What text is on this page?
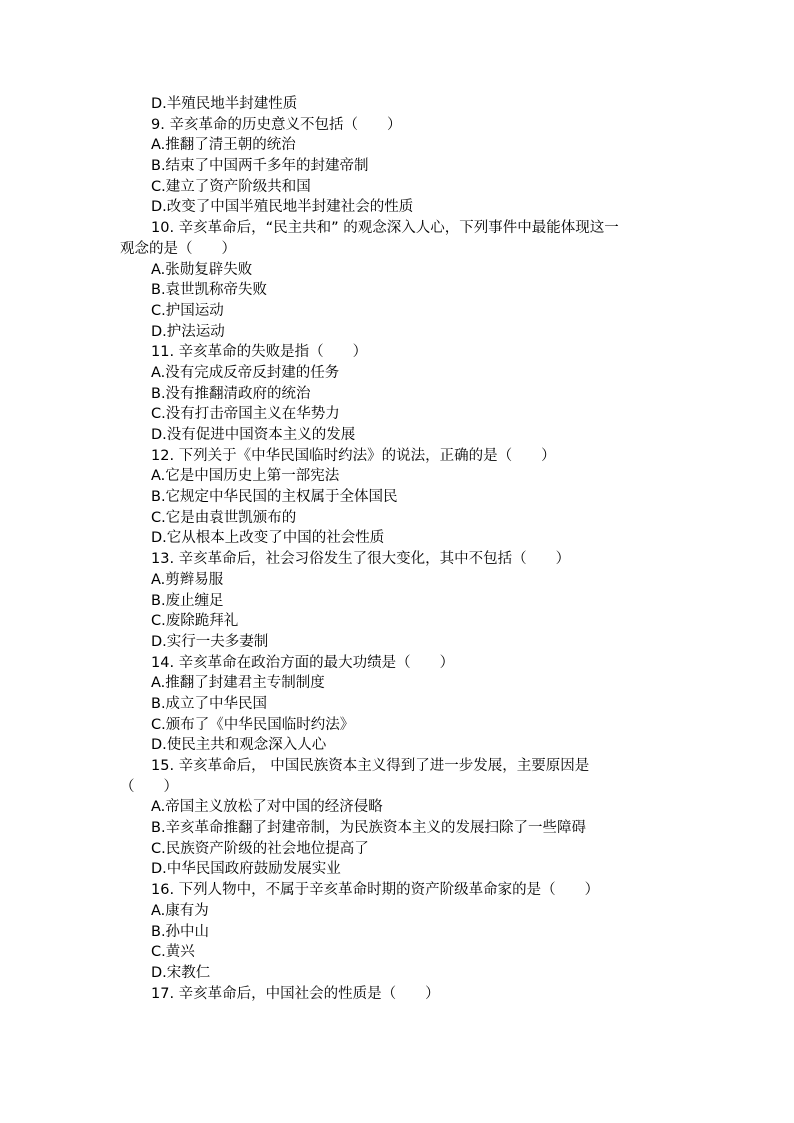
D.半殖民地半封建性质
9. 辛亥革命的历史意义不包括（　　）
A.推翻了清王朝的统治
B.结束了中国两千多年的封建帝制
C.建立了资产阶级共和国
D.改变了中国半殖民地半封建社会的性质
10. 辛亥革命后，“民主共和” 的观念深入人心，下列事件中最能体现这一
观念的是（　　）
A.张勋复辟失败
B.袁世凯称帝失败
C.护国运动
D.护法运动
11. 辛亥革命的失败是指（　　）
A.没有完成反帝反封建的任务
B.没有推翻清政府的统治
C.没有打击帝国主义在华势力
D.没有促进中国资本主义的发展
12. 下列关于《中华民国临时约法》的说法，正确的是（　　）
A.它是中国历史上第一部宪法
B.它规定中华民国的主权属于全体国民
C.它是由袁世凯颁布的
D.它从根本上改变了中国的社会性质
13. 辛亥革命后，社会习俗发生了很大变化，其中不包括（　　）
A.剪辫易服
B.废止缠足
C.废除跪拜礼
D.实行一夫多妻制
14. 辛亥革命在政治方面的最大功绩是（　　）
A.推翻了封建君主专制制度
B.成立了中华民国
C.颁布了《中华民国临时约法》
D.使民主共和观念深入人心
15. 辛亥革命后， 中国民族资本主义得到了进一步发展，主要原因是
（　　）
A.帝国主义放松了对中国的经济侵略
B.辛亥革命推翻了封建帝制，为民族资本主义的发展扫除了一些障碍
C.民族资产阶级的社会地位提高了
D.中华民国政府鼓励发展实业
16. 下列人物中，不属于辛亥革命时期的资产阶级革命家的是（　　）
A.康有为
B.孙中山
C.黄兴
D.宋教仁
17. 辛亥革命后，中国社会的性质是（　　）
